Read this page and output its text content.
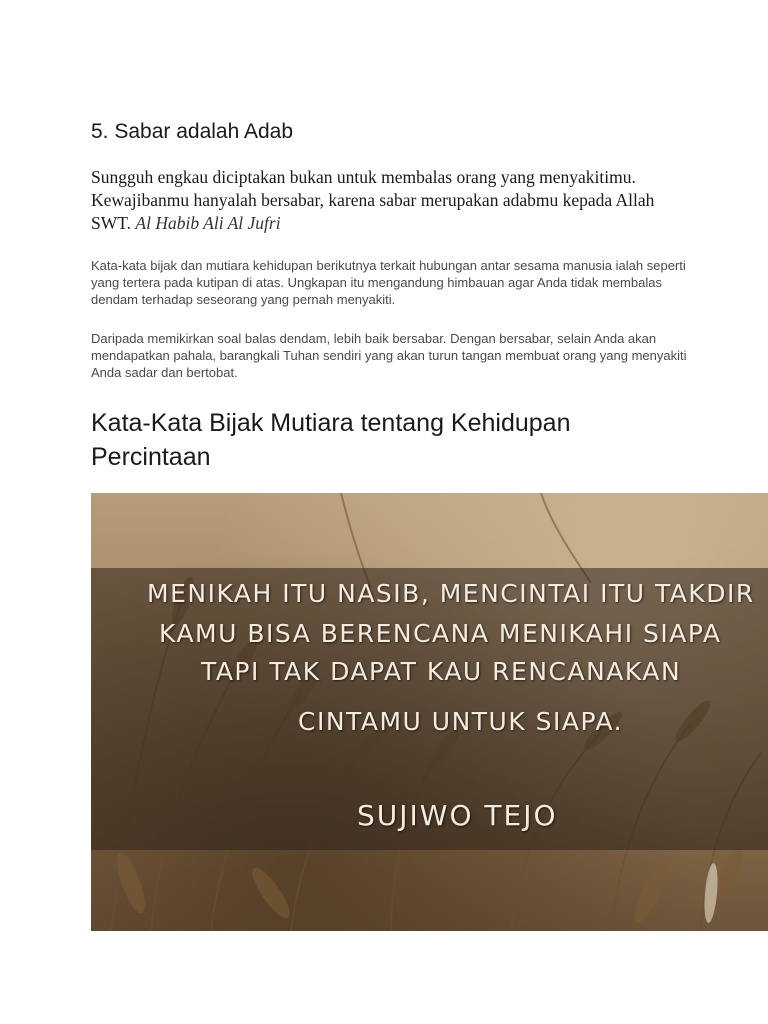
5. Sabar adalah Adab

Sungguh engkau diciptakan bukan untuk membalas orang yang menyakitimu. Kewajibanmu hanyalah bersabar, karena sabar merupakan adabmu kepada Allah SWT. Al Habib Ali Al Jufri

Kata-kata bijak dan mutiara kehidupan berikutnya terkait hubungan antar sesama manusia ialah seperti yang tertera pada kutipan di atas. Ungkapan itu mengandung himbauan agar Anda tidak membalas dendam terhadap seseorang yang pernah menyakiti.

Daripada memikirkan soal balas dendam, lebih baik bersabar. Dengan bersabar, selain Anda akan mendapatkan pahala, barangkali Tuhan sendiri yang akan turun tangan membuat orang yang menyakiti Anda sadar dan bertobat.

Kata-Kata Bijak Mutiara tentang Kehidupan Percintaan

MENIKAH ITU NASIB, MENCINTAI ITU TAKDIR

KAMU BISA BERENCANA MENIKAHI SIAPA

TAPI TAK DAPAT KAU RENCANAKAN

CINTAMU UNTUK SIAPA.

SUJIWO TEJO
